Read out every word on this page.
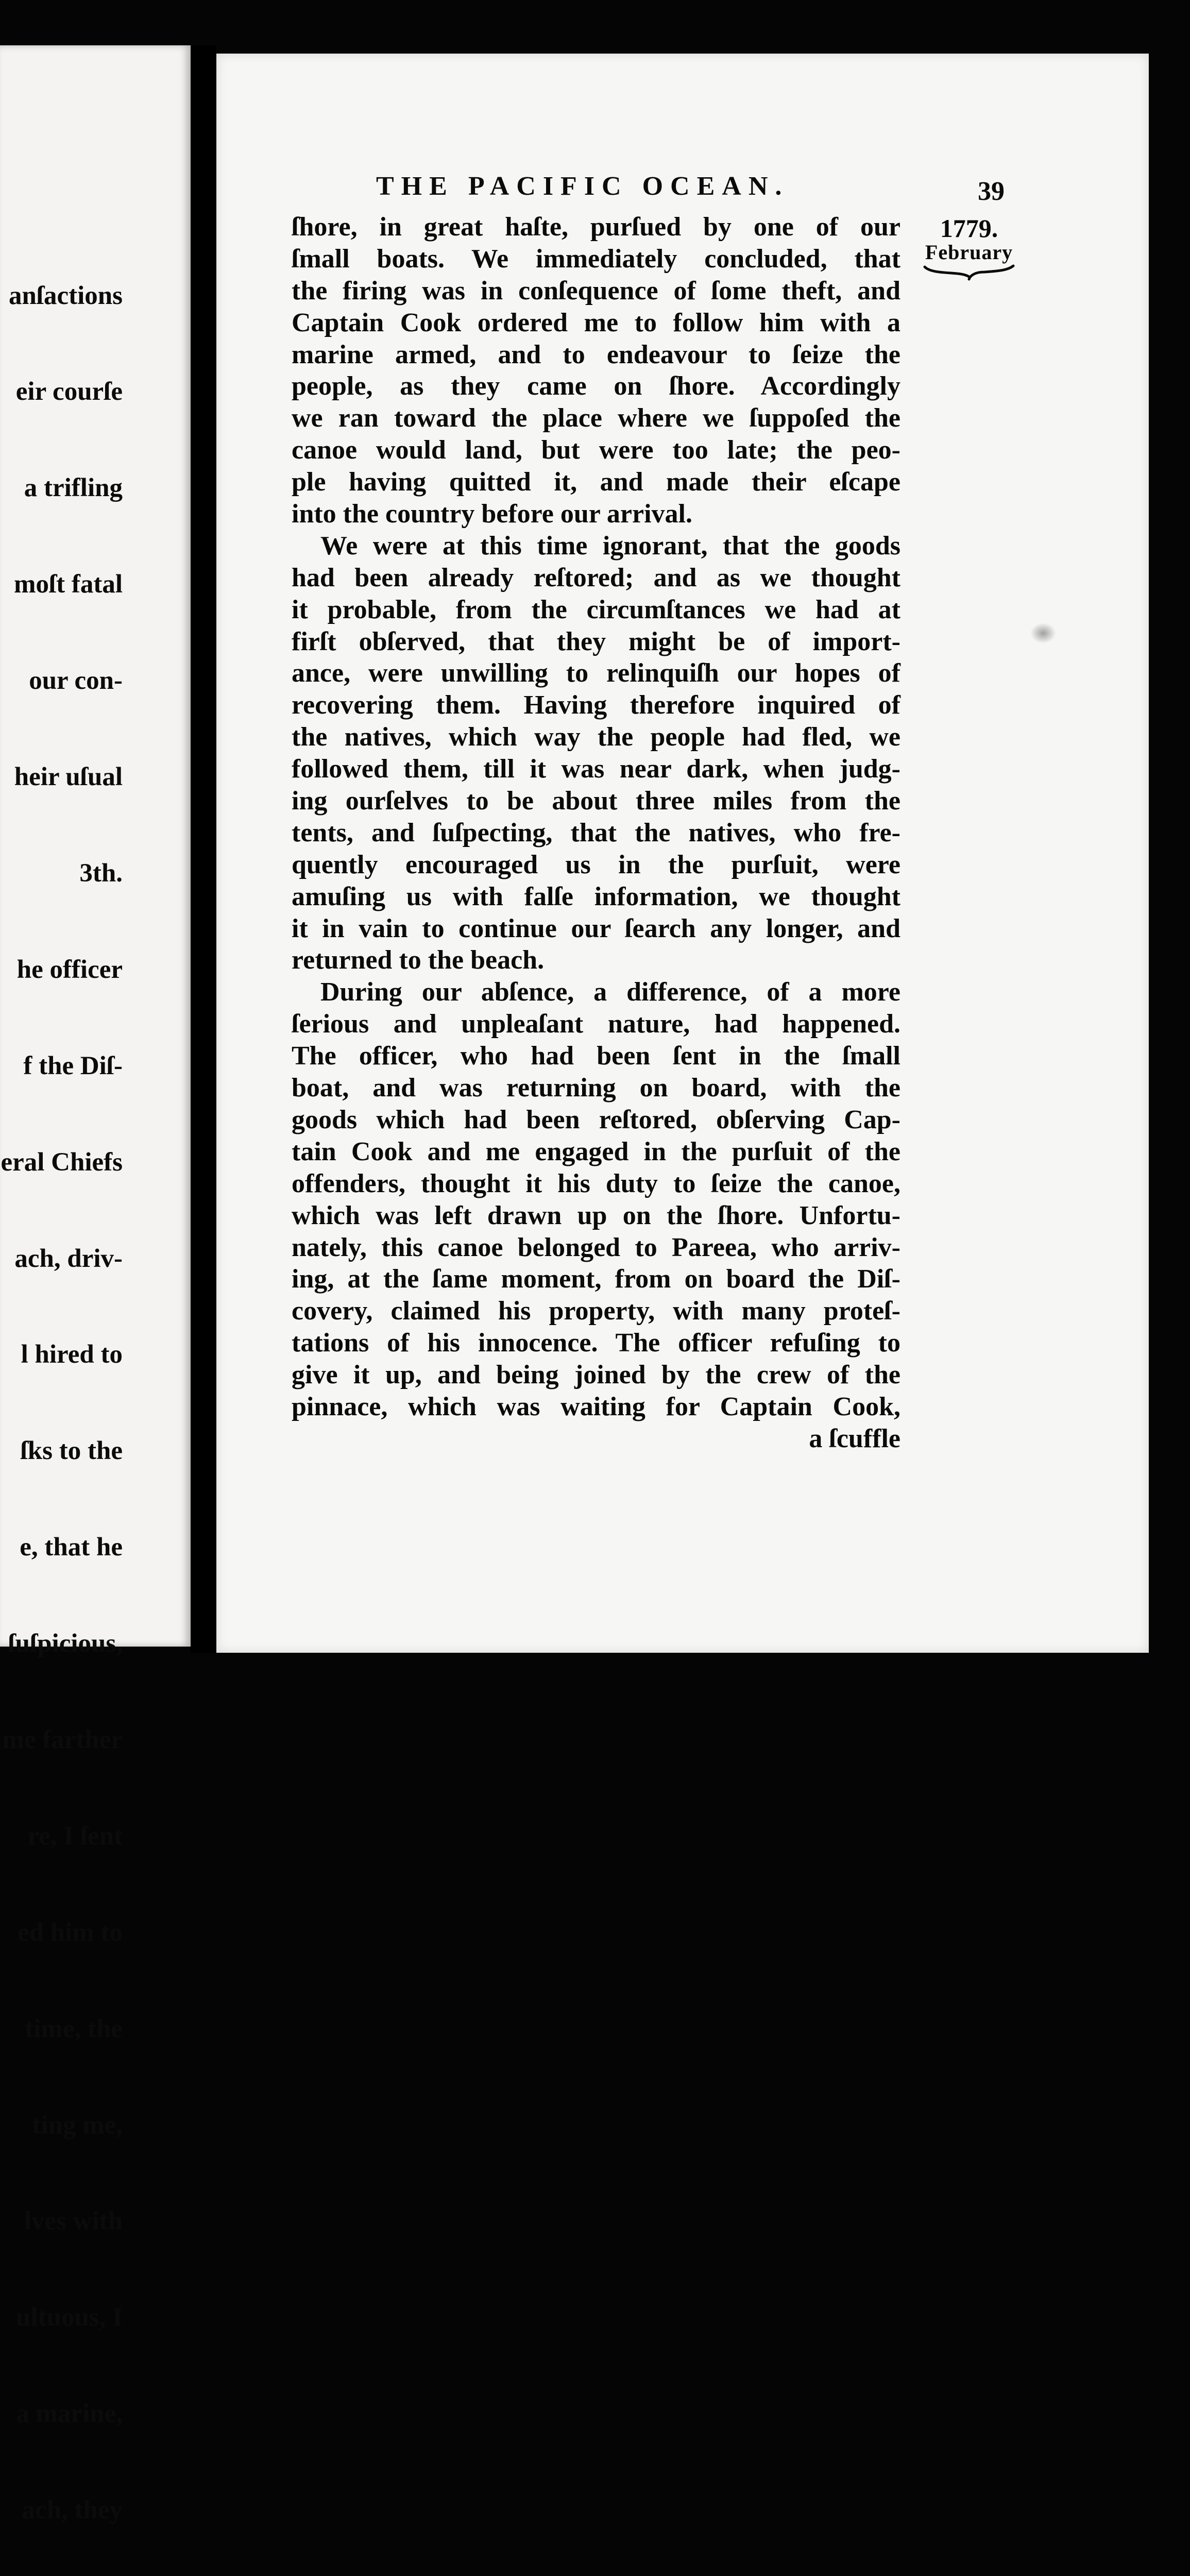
anſactions

eir courſe

a trifling

moſt fatal

our con-

heir uſual

3th.

he officer

f the Diſ-

eral Chiefs

ach, driv-

l hired to

ſks to the

e, that he

ſuſpicious,

me farther

re, I ſent

ed him to

time, the

ting me,

lves with

ultuous, I

a marine,

ach, they

THE PACIFIC OCEAN.	39
1779.
February
ſhore, in great haſte, purſued by one of our
ſmall boats. We immediately concluded, that
the firing was in conſequence of ſome theft, and
Captain Cook ordered me to follow him with a
marine armed, and to endeavour to ſeize the
people, as they came on ſhore. Accordingly
we ran toward the place where we ſuppoſed the
canoe would land, but were too late; the peo-
ple having quitted it, and made their eſcape
into the country before our arrival.
We were at this time ignorant, that the goods
had been already reſtored; and as we thought
it probable, from the circumſtances we had at
firſt obſerved, that they might be of import-
ance, were unwilling to relinquiſh our hopes of
recovering them. Having therefore inquired of
the natives, which way the people had fled, we
followed them, till it was near dark, when judg-
ing ourſelves to be about three miles from the
tents, and ſuſpecting, that the natives, who fre-
quently encouraged us in the purſuit, were
amuſing us with falſe information, we thought
it in vain to continue our ſearch any longer, and
returned to the beach.
During our abſence, a difference, of a more
ſerious and unpleaſant nature, had happened.
The officer, who had been ſent in the ſmall
boat, and was returning on board, with the
goods which had been reſtored, obſerving Cap-
tain Cook and me engaged in the purſuit of the
offenders, thought it his duty to ſeize the canoe,
which was left drawn up on the ſhore. Unfortu-
nately, this canoe belonged to Pareea, who arriv-
ing, at the ſame moment, from on board the Diſ-
covery, claimed his property, with many proteſ-
tations of his innocence. The officer refuſing to
give it up, and being joined by the crew of the
pinnace, which was waiting for Captain Cook,
a ſcuffle
